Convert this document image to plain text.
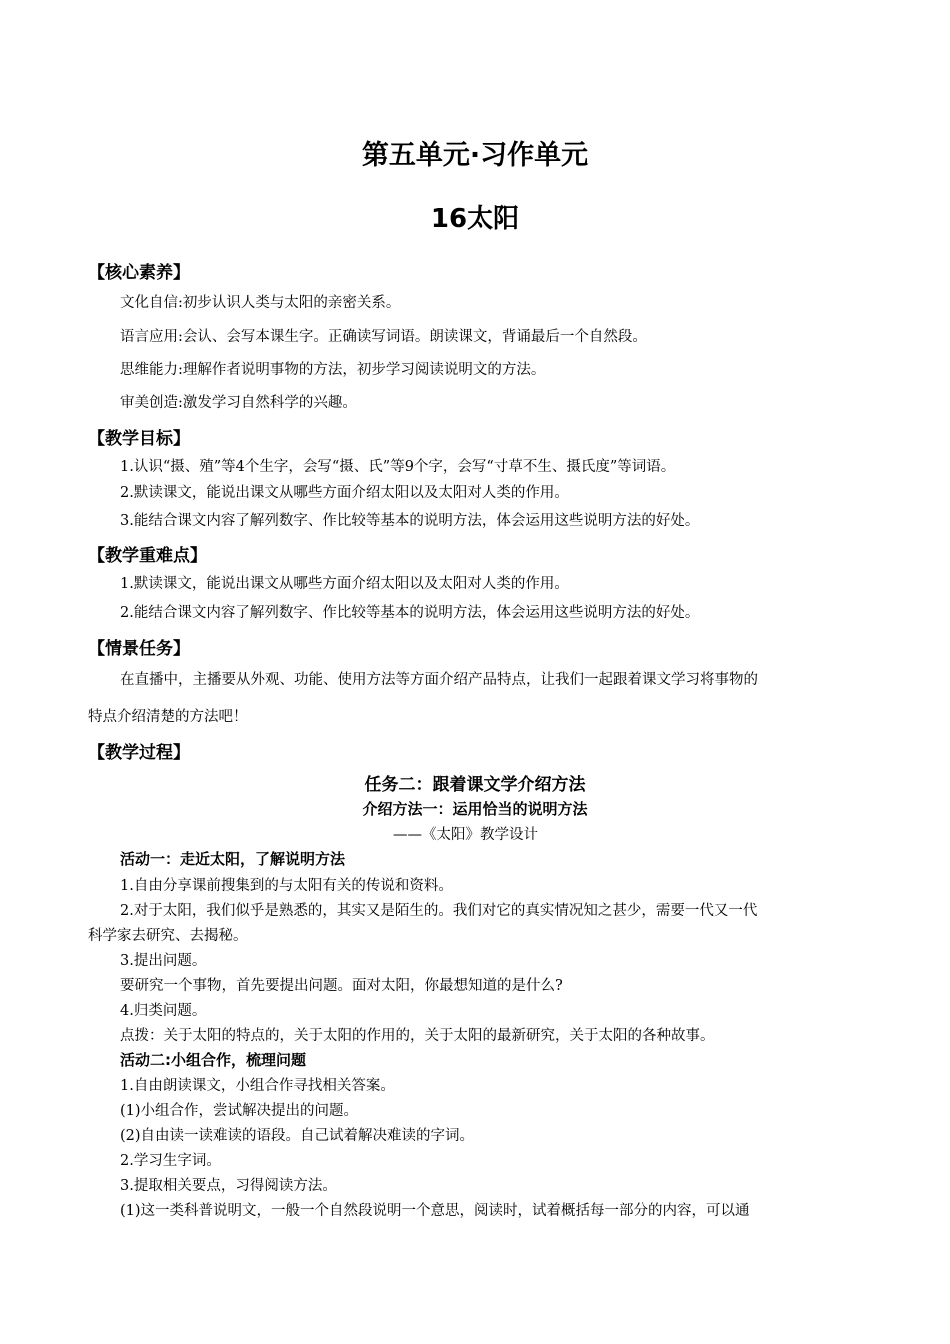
第五单元·习作单元
16太阳
【核心素养】
文化自信:初步认识人类与太阳的亲密关系。
语言应用:会认、会写本课生字。正确读写词语。朗读课文，背诵最后一个自然段。
思维能力:理解作者说明事物的方法，初步学习阅读说明文的方法。
审美创造:激发学习自然科学的兴趣。
【教学目标】
1.认识“摄、殖”等4个生字，会写“摄、氏”等9个字，会写“寸草不生、摄氏度”等词语。
2.默读课文，能说出课文从哪些方面介绍太阳以及太阳对人类的作用。
3.能结合课文内容了解列数字、作比较等基本的说明方法，体会运用这些说明方法的好处。
【教学重难点】
1.默读课文，能说出课文从哪些方面介绍太阳以及太阳对人类的作用。
2.能结合课文内容了解列数字、作比较等基本的说明方法，体会运用这些说明方法的好处。
【情景任务】
在直播中，主播要从外观、功能、使用方法等方面介绍产品特点，让我们一起跟着课文学习将事物的
特点介绍清楚的方法吧！
【教学过程】
任务二：跟着课文学介绍方法
介绍方法一：运用恰当的说明方法
——《太阳》教学设计
活动一：走近太阳，了解说明方法
1.自由分享课前搜集到的与太阳有关的传说和资料。
2.对于太阳，我们似乎是熟悉的，其实又是陌生的。我们对它的真实情况知之甚少，需要一代又一代
科学家去研究、去揭秘。
3.提出问题。
要研究一个事物，首先要提出问题。面对太阳，你最想知道的是什么?
4.归类问题。
点拨：关于太阳的特点的，关于太阳的作用的，关于太阳的最新研究，关于太阳的各种故事。
活动二:小组合作，梳理问题
1.自由朗读课文，小组合作寻找相关答案。
(1)小组合作，尝试解决提出的问题。
(2)自由读一读难读的语段。自己试着解决难读的字词。
2.学习生字词。
3.提取相关要点，习得阅读方法。
(1)这一类科普说明文，一般一个自然段说明一个意思，阅读时，试着概括每一部分的内容，可以通
